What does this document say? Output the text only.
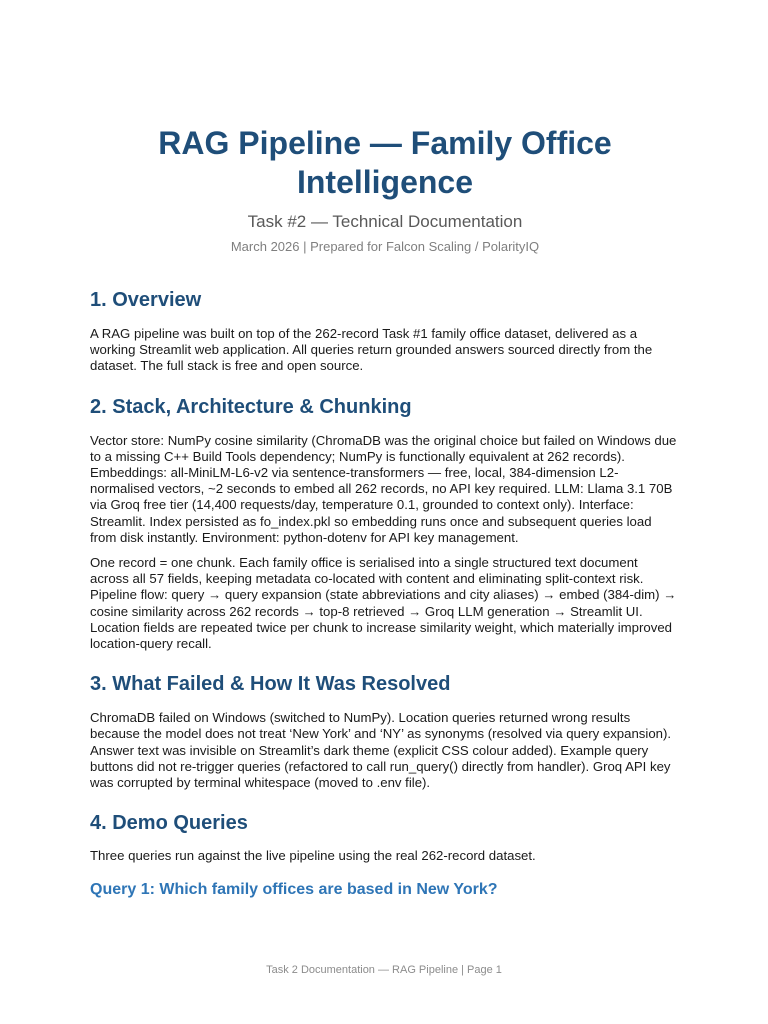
RAG Pipeline — Family Office Intelligence
Task #2 — Technical Documentation
March 2026 | Prepared for Falcon Scaling / PolarityIQ
1. Overview

A RAG pipeline was built on top of the 262-record Task #1 family office dataset, delivered as a working Streamlit web application. All queries return grounded answers sourced directly from the dataset. The full stack is free and open source.

2. Stack, Architecture & Chunking

Vector store: NumPy cosine similarity (ChromaDB was the original choice but failed on Windows due to a missing C++ Build Tools dependency; NumPy is functionally equivalent at 262 records). Embeddings: all-MiniLM-L6-v2 via sentence-transformers — free, local, 384-dimension L2-normalised vectors, ~2 seconds to embed all 262 records, no API key required. LLM: Llama 3.1 70B via Groq free tier (14,400 requests/day, temperature 0.1, grounded to context only). Interface: Streamlit. Index persisted as fo_index.pkl so embedding runs once and subsequent queries load from disk instantly. Environment: python-dotenv for API key management.

One record = one chunk. Each family office is serialised into a single structured text document across all 57 fields, keeping metadata co-located with content and eliminating split-context risk. Pipeline flow: query → query expansion (state abbreviations and city aliases) → embed (384-dim) → cosine similarity across 262 records → top-8 retrieved → Groq LLM generation → Streamlit UI. Location fields are repeated twice per chunk to increase similarity weight, which materially improved location-query recall.

3. What Failed & How It Was Resolved

ChromaDB failed on Windows (switched to NumPy). Location queries returned wrong results because the model does not treat ‘New York’ and ‘NY’ as synonyms (resolved via query expansion). Answer text was invisible on Streamlit’s dark theme (explicit CSS colour added). Example query buttons did not re-trigger queries (refactored to call run_query() directly from handler). Groq API key was corrupted by terminal whitespace (moved to .env file).

4. Demo Queries

Three queries run against the live pipeline using the real 262-record dataset.

Query 1: Which family offices are based in New York?
Task 2 Documentation — RAG Pipeline | Page 1
